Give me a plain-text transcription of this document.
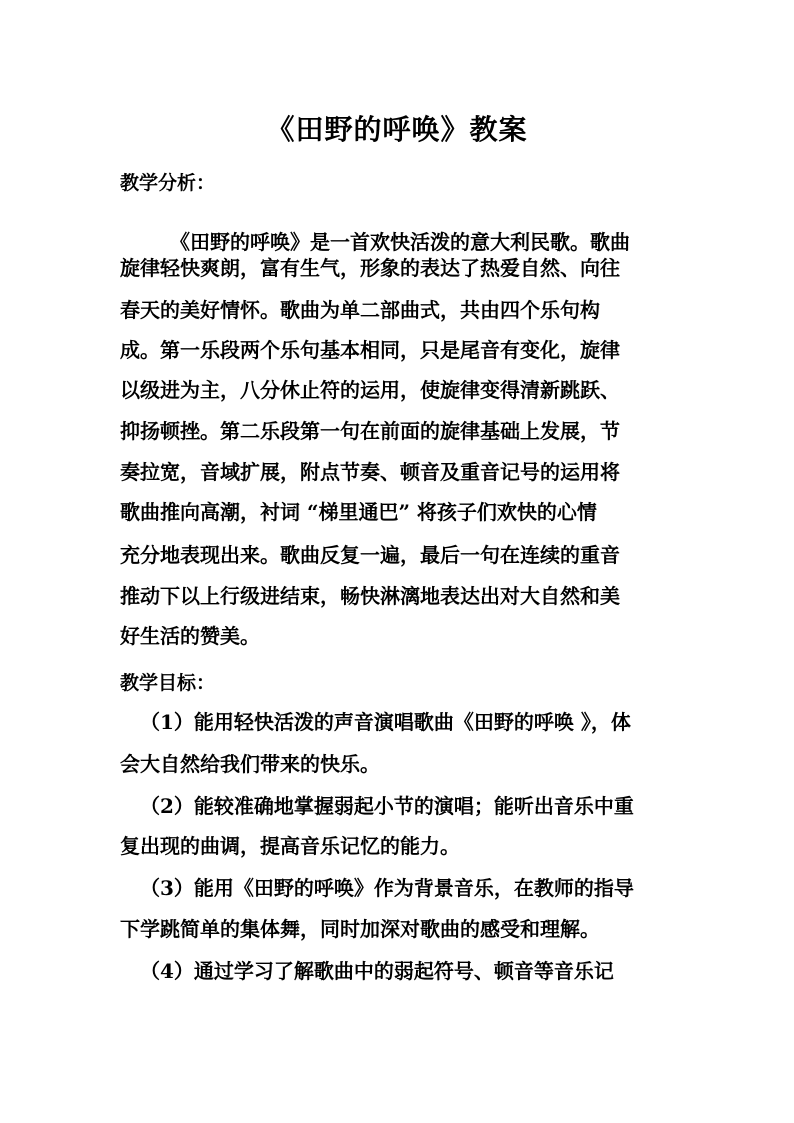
《田野的呼唤》教案
教学分析：
《田野的呼唤》是一首欢快活泼的意大利民歌。歌曲
旋律轻快爽朗，富有生气，形象的表达了热爱自然、向往
春天的美好情怀。歌曲为单二部曲式，共由四个乐句构
成。第一乐段两个乐句基本相同，只是尾音有变化，旋律
以级进为主，八分休止符的运用，使旋律变得清新跳跃、
抑扬顿挫。第二乐段第一句在前面的旋律基础上发展，节
奏拉宽，音域扩展，附点节奏、顿音及重音记号的运用将
歌曲推向高潮，衬词 “梯里通巴” 将孩子们欢快的心情
充分地表现出来。歌曲反复一遍，最后一句在连续的重音
推动下以上行级进结束，畅快淋漓地表达出对大自然和美
好生活的赞美。
教学目标：
（1）能用轻快活泼的声音演唱歌曲《田野的呼唤 》，体
会大自然给我们带来的快乐。
（2）能较准确地掌握弱起小节的演唱；能听出音乐中重
复出现的曲调，提高音乐记忆的能力。
（3）能用《田野的呼唤》作为背景音乐，在教师的指导
下学跳简单的集体舞，同时加深对歌曲的感受和理解。
（4）通过学习了解歌曲中的弱起符号、顿音等音乐记
